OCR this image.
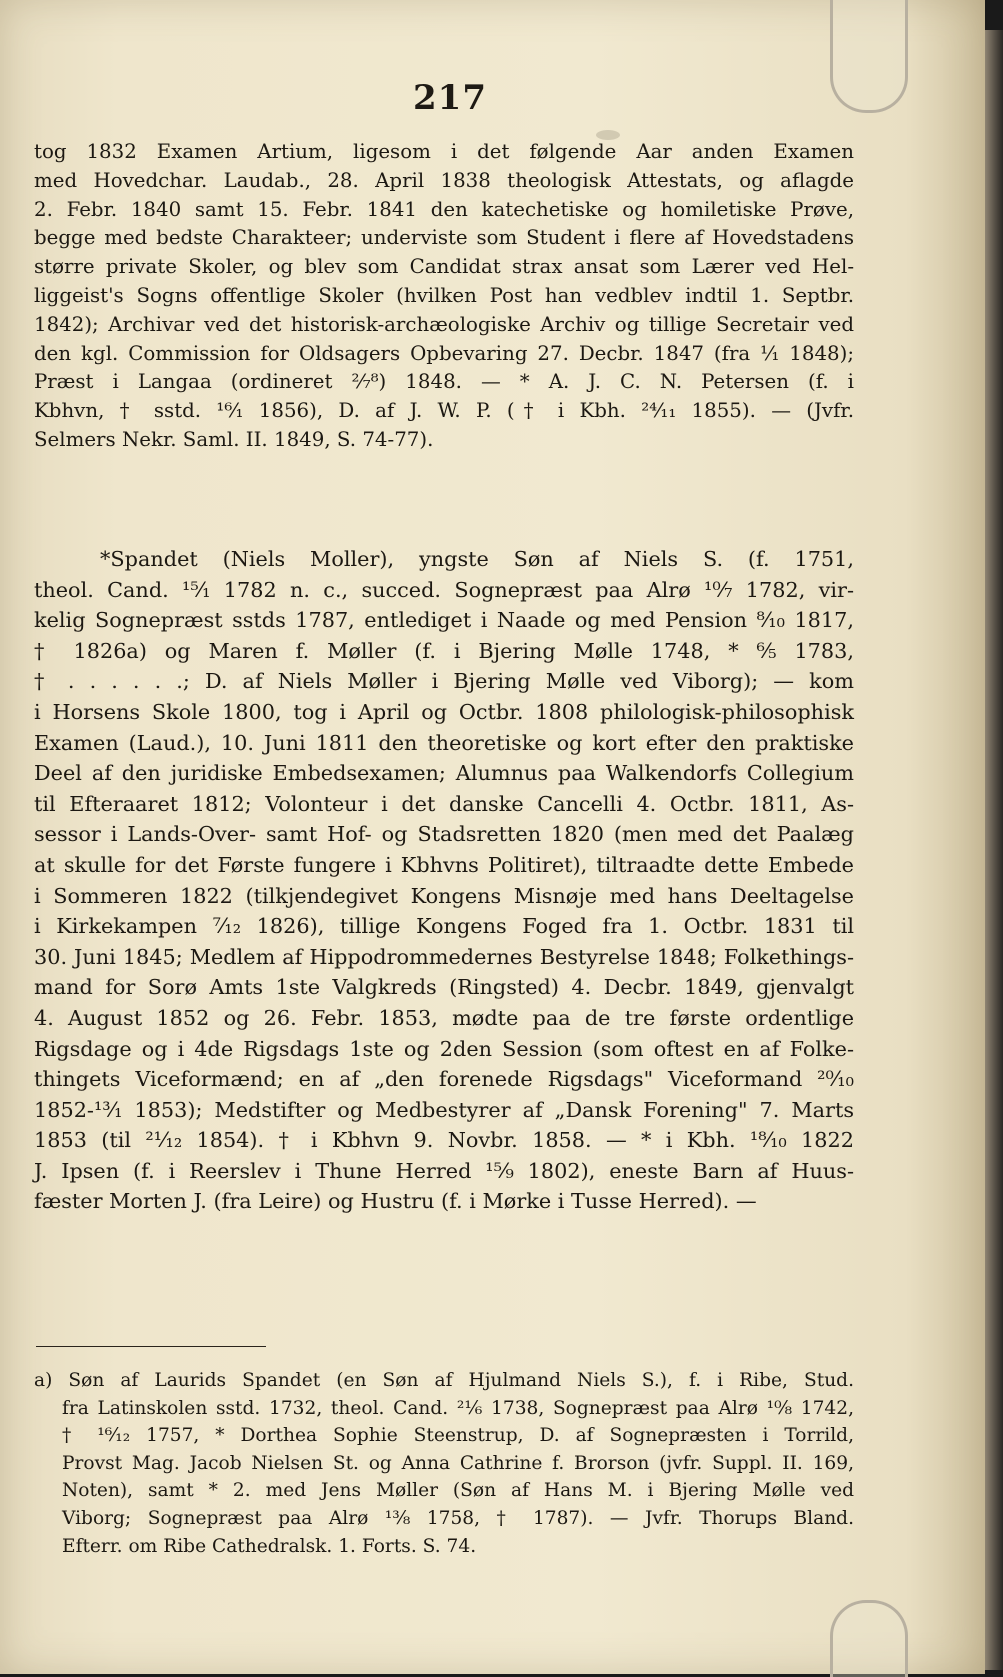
217
tog 1832 Examen Artium, ligesom i det følgende Aar anden Examen
med Hovedchar. Laudab., 28. April 1838 theologisk Attestats, og aflagde
2. Febr. 1840 samt 15. Febr. 1841 den katechetiske og homiletiske Prøve,
begge med bedste Charakteer; underviste som Student i flere af Hovedstadens
større private Skoler, og blev som Candidat strax ansat som Lærer ved Hel-
liggeist's Sogns offentlige Skoler (hvilken Post han vedblev indtil 1. Septbr.
1842); Archivar ved det historisk-archæologiske Archiv og tillige Secretair ved
den kgl. Commission for Oldsagers Opbevaring 27. Decbr. 1847 (fra ¹⁄₁ 1848);
Præst i Langaa (ordineret ²⁄₇⁸) 1848. — * A. J. C. N. Petersen (f. i
Kbhvn, † sstd. ¹⁶⁄₁ 1856), D. af J. W. P. († i Kbh. ²⁴⁄₁₁ 1855). — (Jvfr.
Selmers Nekr. Saml. II. 1849, S. 74-77).
*Spandet (Niels Moller), yngste Søn af Niels S. (f. 1751,
theol. Cand. ¹⁵⁄₁ 1782 n. c., succed. Sognepræst paa Alrø ¹⁰⁄₇ 1782, vir-
kelig Sognepræst sstds 1787, entlediget i Naade og med Pension ⁸⁄₁₀ 1817,
† 1826a) og Maren f. Møller (f. i Bjering Mølle 1748, * ⁶⁄₅ 1783,
† . . . . . .; D. af Niels Møller i Bjering Mølle ved Viborg); — kom
i Horsens Skole 1800, tog i April og Octbr. 1808 philologisk-philosophisk
Examen (Laud.), 10. Juni 1811 den theoretiske og kort efter den praktiske
Deel af den juridiske Embedsexamen; Alumnus paa Walkendorfs Collegium
til Efteraaret 1812; Volonteur i det danske Cancelli 4. Octbr. 1811, As-
sessor i Lands-Over- samt Hof- og Stadsretten 1820 (men med det Paalæg
at skulle for det Første fungere i Kbhvns Politiret), tiltraadte dette Embede
i Sommeren 1822 (tilkjendegivet Kongens Misnøje med hans Deeltagelse
i Kirkekampen ⁷⁄₁₂ 1826), tillige Kongens Foged fra 1. Octbr. 1831 til
30. Juni 1845; Medlem af Hippodrommedernes Bestyrelse 1848; Folkethings-
mand for Sorø Amts 1ste Valgkreds (Ringsted) 4. Decbr. 1849, gjenvalgt
4. August 1852 og 26. Febr. 1853, mødte paa de tre første ordentlige
Rigsdage og i 4de Rigsdags 1ste og 2den Session (som oftest en af Folke-
thingets Viceformænd; en af „den forenede Rigsdags" Viceformand ²⁰⁄₁₀
1852-¹³⁄₁ 1853); Medstifter og Medbestyrer af „Dansk Forening" 7. Marts
1853 (til ²¹⁄₁₂ 1854). † i Kbhvn 9. Novbr. 1858. — * i Kbh. ¹⁸⁄₁₀ 1822
J. Ipsen (f. i Reerslev i Thune Herred ¹⁵⁄₉ 1802), eneste Barn af Huus-
fæster Morten J. (fra Leire) og Hustru (f. i Mørke i Tusse Herred). —
a) Søn af Laurids Spandet (en Søn af Hjulmand Niels S.), f. i Ribe, Stud.
fra Latinskolen sstd. 1732, theol. Cand. ²¹⁄₆ 1738, Sognepræst paa Alrø ¹⁰⁄₈ 1742,
† ¹⁶⁄₁₂ 1757, * Dorthea Sophie Steenstrup, D. af Sognepræsten i Torrild,
Provst Mag. Jacob Nielsen St. og Anna Cathrine f. Brorson (jvfr. Suppl. II. 169,
Noten), samt * 2. med Jens Møller (Søn af Hans M. i Bjering Mølle ved
Viborg; Sognepræst paa Alrø ¹³⁄₈ 1758, † 1787). — Jvfr. Thorups Bland.
Efterr. om Ribe Cathedralsk. 1. Forts. S. 74.
